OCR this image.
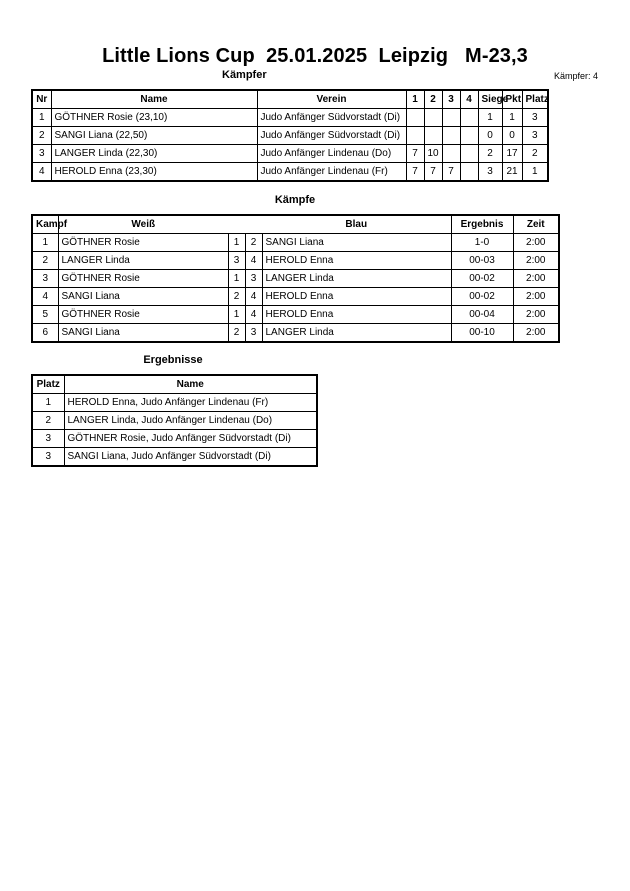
Little Lions Cup  25.01.2025  Leipzig   M-23,3
Kämpfer	Kämpfer: 4
Nr	Name	Verein	1	2	3	4	Siege	Pkt	Platz
1	GÖTHNER Rosie (23,10)	Judo Anfänger Südvorstadt (Di)					1	1	3
2	SANGI Liana (22,50)	Judo Anfänger Südvorstadt (Di)					0	0	3
3	LANGER Linda (22,30)	Judo Anfänger Lindenau (Do)	7	10			2	17	2
4	HEROLD Enna (23,30)	Judo Anfänger Lindenau (Fr)	7	7	7		3	21	1
Kämpfe
Kampf	Weiß			Blau	Ergebnis	Zeit
1	GÖTHNER Rosie	1	2	SANGI Liana	1-0	2:00
2	LANGER Linda	3	4	HEROLD Enna	00-03	2:00
3	GÖTHNER Rosie	1	3	LANGER Linda	00-02	2:00
4	SANGI Liana	2	4	HEROLD Enna	00-02	2:00
5	GÖTHNER Rosie	1	4	HEROLD Enna	00-04	2:00
6	SANGI Liana	2	3	LANGER Linda	00-10	2:00
Ergebnisse
Platz	Name
1	HEROLD Enna, Judo Anfänger Lindenau (Fr)
2	LANGER Linda, Judo Anfänger Lindenau (Do)
3	GÖTHNER Rosie, Judo Anfänger Südvorstadt (Di)
3	SANGI Liana, Judo Anfänger Südvorstadt (Di)
